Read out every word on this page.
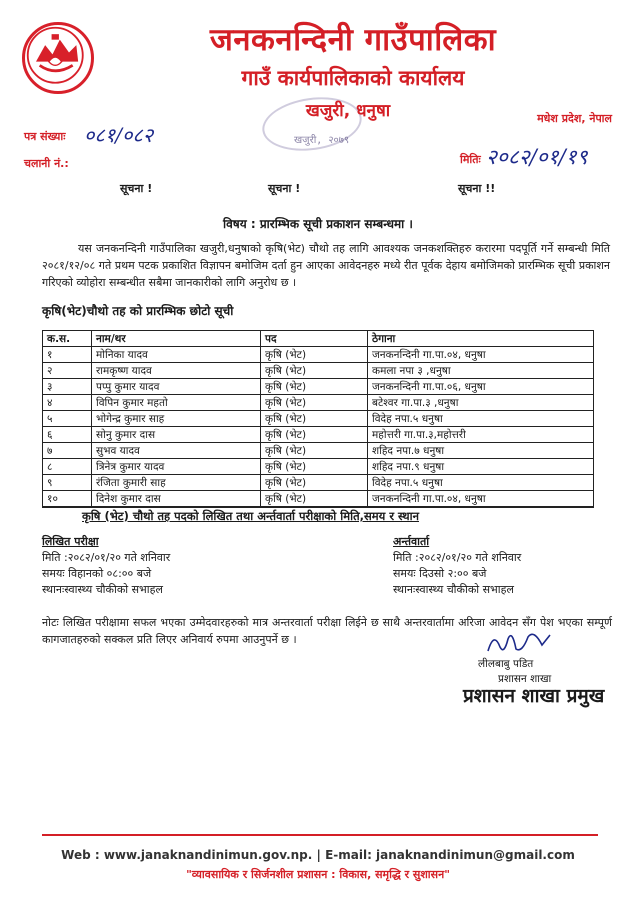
जनकनन्दिनी गाउँपालिका
गाउँ कार्यपालिकाको कार्यालय
खजुरी, धनुषा
खजुरी, २०७९
मधेश प्रदेश, नेपाल
पत्र संख्याः ०८१/०८२
चलानी नं.:	मितिः २०८२/०१/१९
सूचना !	सूचना !	सूचना !!
विषय : प्रारम्भिक सूची प्रकाशन सम्बन्धमा ।
यस जनकनन्दिनी गाउँपालिका खजुरी,धनुषाको कृषि(भेट) चौथो तह लागि आवश्यक जनकशक्तिहरु करारमा पदपूर्ति गर्ने सम्बन्धी मिति २०८१/१२/०८ गते प्रथम पटक प्रकाशित विज्ञापन बमोजिम दर्ता हुन आएका आवेदनहरु मध्ये रीत पूर्वक देहाय बमोजिमको प्रारम्भिक सूची प्रकाशन गरिएको व्योहोरा सम्बन्धीत सबैमा जानकारीको लागि अनुरोध छ ।
कृषि(भेट)चौथो तह को प्रारम्भिक छोटो सूची
क.स.	नाम/थर	पद	ठेगाना
१	मोनिका यादव	कृषि (भेट)	जनकनन्दिनी गा.पा.०४, धनुषा
२	रामकृष्ण यादव	कृषि (भेट)	कमला नपा ३ ,धनुषा
३	पप्पु कुमार यादव	कृषि (भेट)	जनकनन्दिनी गा.पा.०६, धनुषा
४	विपिन कुमार महतो	कृषि (भेट)	बटेश्वर गा.पा.३ ,धनुषा
५	भोगेन्द्र कुमार साह	कृषि (भेट)	विदेह नपा.५ धनुषा
६	सोनु कुमार दास	कृषि (भेट)	महोत्तरी गा.पा.३,महोत्तरी
७	सुभव यादव	कृषि (भेट)	शहिद नपा.७ धनुषा
८	त्रिनेत्र कुमार यादव	कृषि (भेट)	शहिद नपा.९ धनुषा
९	रंजिता कुमारी साह	कृषि (भेट)	विदेह नपा.५ धनुषा
१०	दिनेश कुमार दास	कृषि (भेट)	जनकनन्दिनी गा.पा.०४, धनुषा
कृषि (भेट) चौथो तह पदको लिखित तथा अर्न्तवार्ता परीक्षाको मिति,समय र स्थान
लिखित परीक्षा
मिति :२०८२/०१/२० गते शनिवार
समयः विहानको ०८:०० बजे
स्थानःस्वास्थ्य चौकीको सभाहल
अर्न्तवार्ता
मिति :२०८२/०१/२० गते शनिवार
समयः दिउसो २:०० बजे
स्थानःस्वास्थ्य चौकीको सभाहल
नोटः लिखित परीक्षामा सफल भएका उम्मेदवारहरुको मात्र अन्तरवार्ता परीक्षा लिईने छ साथै अन्तरवार्तामा अरिजा आवेदन सँग पेश भएका सम्पूर्ण कागजातहरुको सक्कल प्रति लिएर अनिवार्य रुपमा आउनुपर्ने छ ।
लीलबाबु पडित
प्रशासन शाखा
प्रशासन शाखा प्रमुख
Web : www.janaknandinimun.gov.np. | E-mail: janaknandinimun@gmail.com
"व्यावसायिक र सिर्जनशील प्रशासन : विकास, समृद्धि र सुशासन"
